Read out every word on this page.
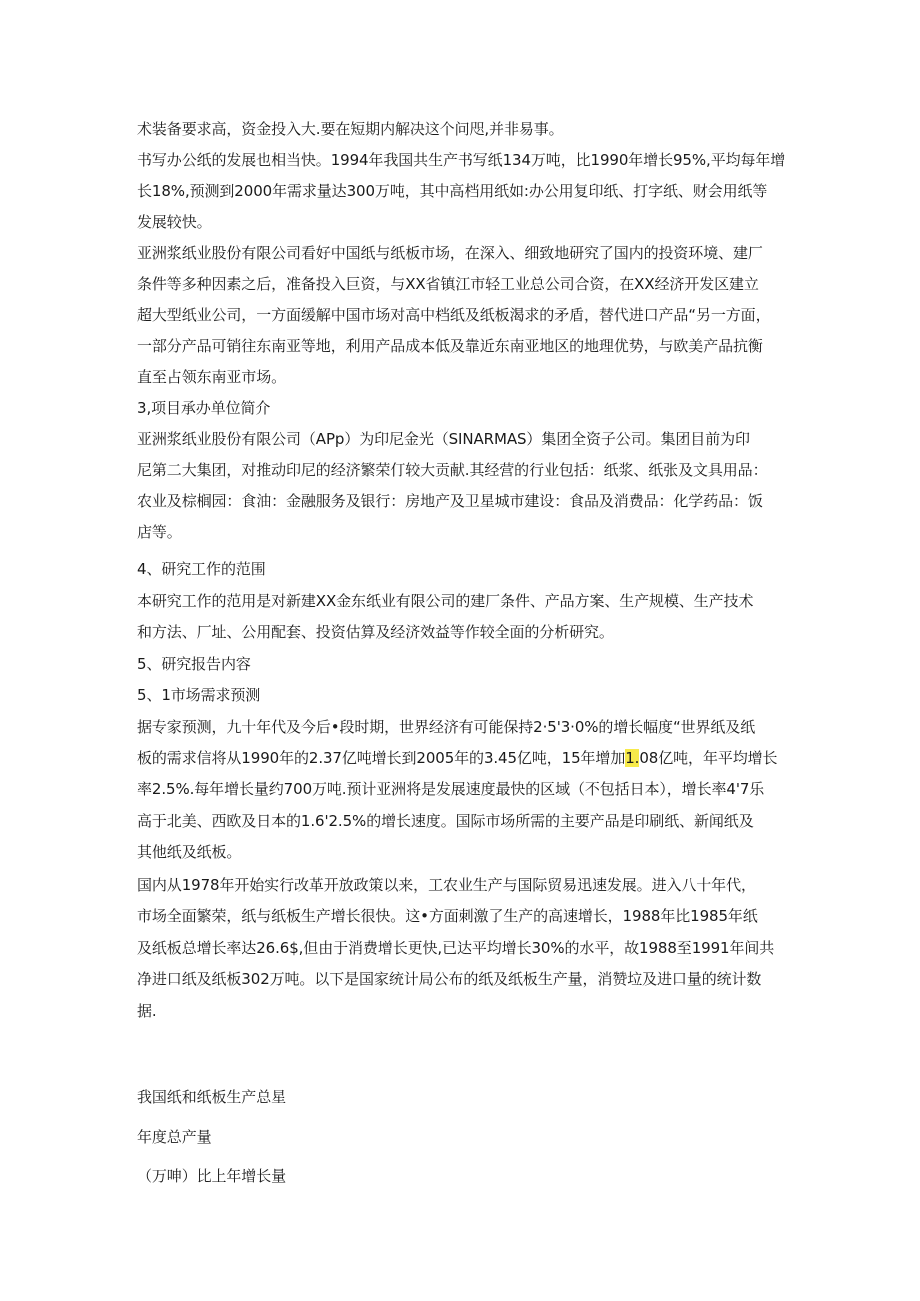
术装备要求高，资金投入大.要在短期内解决这个问咫,并非易事。
书写办公纸的发展也相当快。1994年我国共生产书写纸134万吨，比1990年增长95%,平均每年增
长18%,预测到2000年需求量达300万吨，其中高档用纸如:办公用复印纸、打字纸、财会用纸等
发展较快。
亚洲浆纸业股份有限公司看好中国纸与纸板市场，在深入、细致地研究了国内的投资环境、建厂
条件等多种因素之后，准备投入巨资，与XX省镇江市轻工业总公司合资，在XX经济开发区建立
超大型纸业公司，一方面缓解中国市场对高中档纸及纸板渴求的矛盾，替代进口产品“另一方面，
一部分产品可销往东南亚等地，利用产品成本低及靠近东南亚地区的地理优势，与欧美产品抗衡
直至占领东南亚市场。
3,项目承办单位简介
亚洲浆纸业股份有限公司（APp）为印尼金光（SINARMAS）集团全资子公司。集团目前为印
尼第二大集团，对推动印尼的经济繁荣仃较大贡献.其经营的行业包括：纸浆、纸张及文具用品：
农业及棕榈园：食油：金融服务及银行：房地产及卫星城市建设：食品及消费品：化学药品：饭
店等。
4、研究工作的范围
本研究工作的范用是对新建XX金东纸业有限公司的建厂条件、产品方案、生产规模、生产技术
和方法、厂址、公用配套、投资估算及经济效益等作较全面的分析研究。
5、研究报告内容
5、1市场需求预测
据专家预测，九十年代及今后•段时期，世界经济有可能保持2·5'3·0%的增长幅度“世界纸及纸
板的需求信将从1990年的2.37亿吨增长到2005年的3.45亿吨，15年增加1.08亿吨，年平均增长
率2.5%.每年增长量约700万吨.预计亚洲将是发展速度最快的区域（不包括日本），增长率4'7乐
高于北美、西欧及日本的1.6'2.5%的增长速度。国际市场所需的主要产品是印刷纸、新闻纸及
其他纸及纸板。
国内从1978年开始实行改革开放政策以来，工农业生产与国际贸易迅速发展。进入八十年代，
市场全面繁荣，纸与纸板生产增长很快。这•方面刺激了生产的高速增长，1988年比1985年纸
及纸板总增长率达26.6$,但由于消费增长更快,已达平均增长30%的水平，故1988至1991年间共
净进口纸及纸板302万吨。以下是国家统计局公布的纸及纸板生产量，消赞垃及进口量的统计数
据.
我国纸和纸板生产总星
年度总产量
（万呻）比上年增长量
